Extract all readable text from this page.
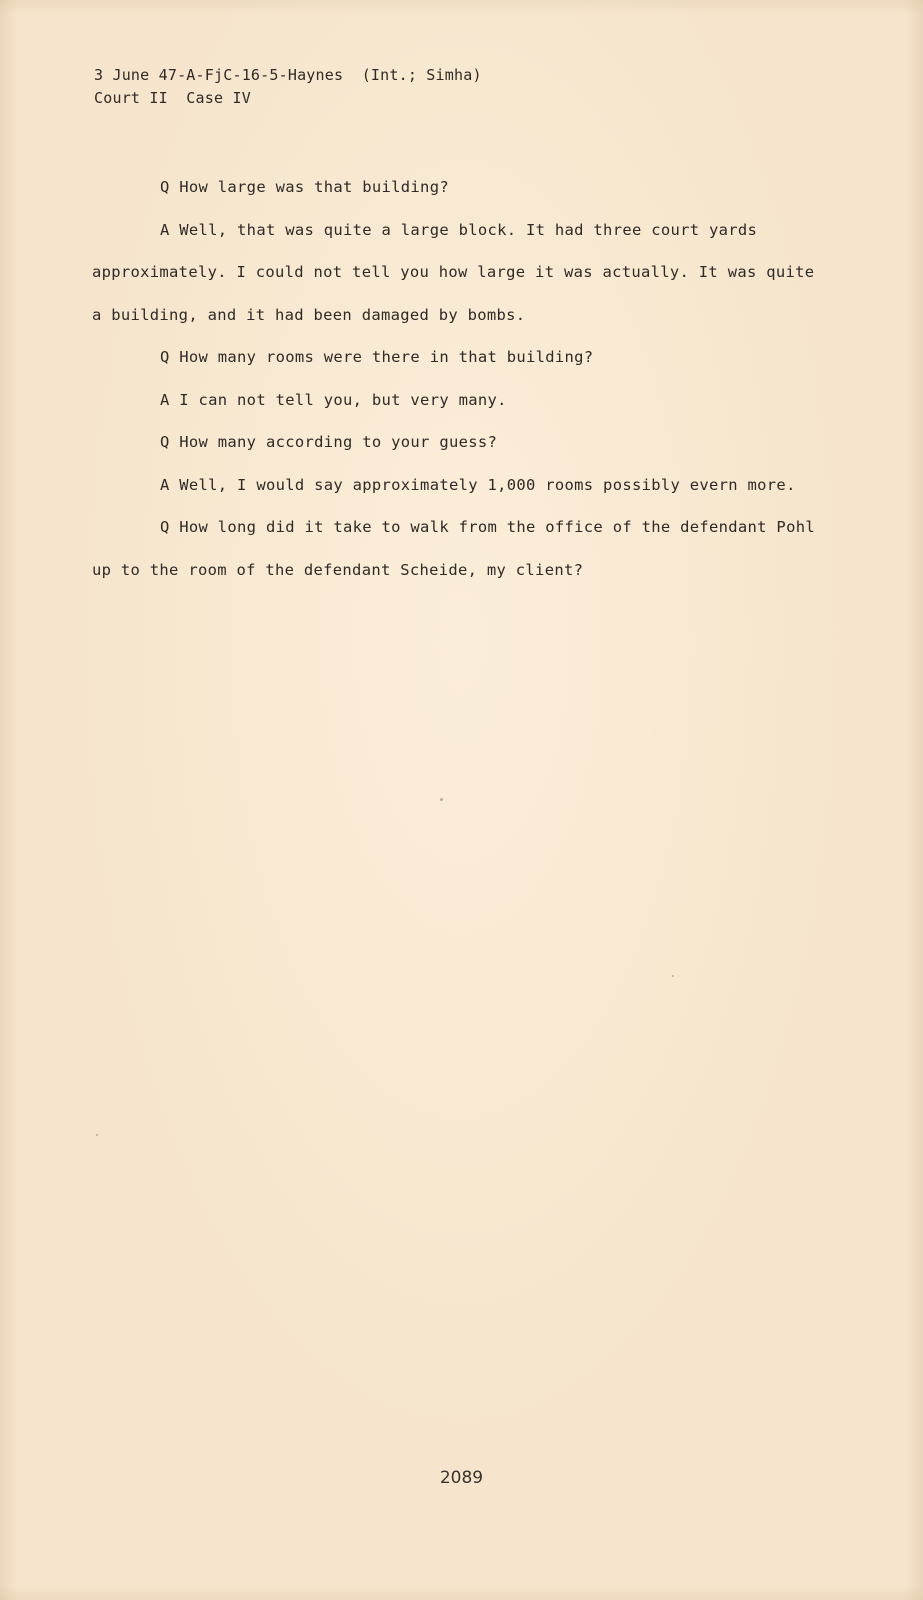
3 June 47-A-FjC-16-5-Haynes  (Int.; Simha)
Court II  Case IV

Q How large was that building?

A Well, that was quite a large block. It had three court yards approximately. I could not tell you how large it was actually. It was quite a building, and it had been damaged by bombs.

Q How many rooms were there in that building?

A I can not tell you, but very many.

Q How many according to your guess?

A Well, I would say approximately 1,000 rooms possibly evern more.

Q How long did it take to walk from the office of the defendant Pohl up to the room of the defendant Scheide, my client?

2089
